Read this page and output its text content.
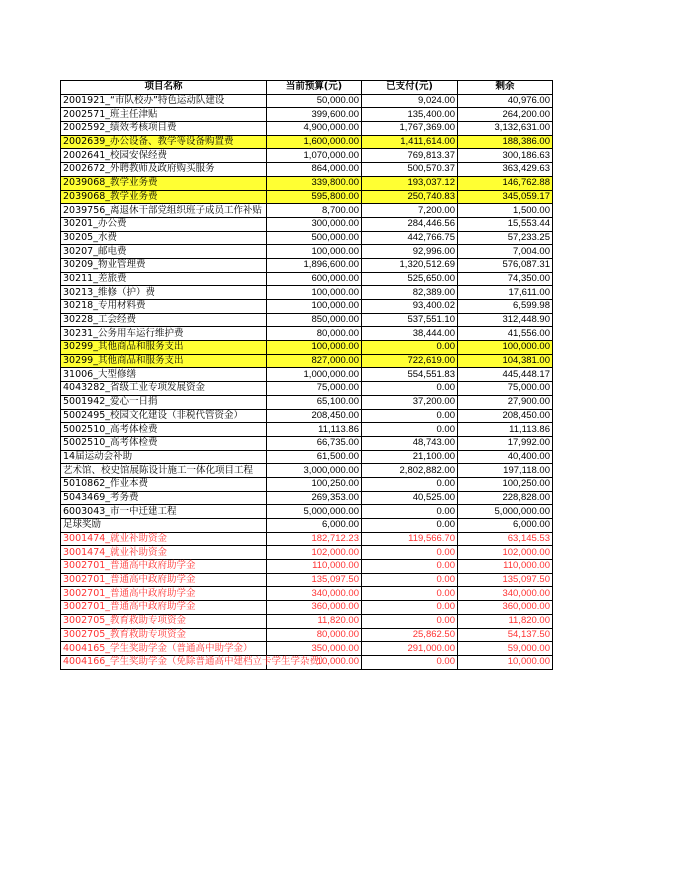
项目名称	当前预算(元)	已支付(元)	剩余
2001921_“市队校办”特色运动队建设	50,000.00	9,024.00	40,976.00
2002571_班主任津贴	399,600.00	135,400.00	264,200.00
2002592_绩效考核项目费	4,900,000.00	1,767,369.00	3,132,631.00
2002639_办公设备、教学等设备购置费	1,600,000.00	1,411,614.00	188,386.00
2002641_校园安保经费	1,070,000.00	769,813.37	300,186.63
2002672_外聘教师及政府购买服务	864,000.00	500,570.37	363,429.63
2039068_教学业务费	339,800.00	193,037.12	146,762.88
2039068_教学业务费	595,800.00	250,740.83	345,059.17
2039756_离退休干部党组织班子成员工作补贴	8,700.00	7,200.00	1,500.00
30201_办公费	300,000.00	284,446.56	15,553.44
30205_水费	500,000.00	442,766.75	57,233.25
30207_邮电费	100,000.00	92,996.00	7,004.00
30209_物业管理费	1,896,600.00	1,320,512.69	576,087.31
30211_差旅费	600,000.00	525,650.00	74,350.00
30213_维修（护）费	100,000.00	82,389.00	17,611.00
30218_专用材料费	100,000.00	93,400.02	6,599.98
30228_工会经费	850,000.00	537,551.10	312,448.90
30231_公务用车运行维护费	80,000.00	38,444.00	41,556.00
30299_其他商品和服务支出	100,000.00	0.00	100,000.00
30299_其他商品和服务支出	827,000.00	722,619.00	104,381.00
31006_大型修缮	1,000,000.00	554,551.83	445,448.17
4043282_省级工业专项发展资金	75,000.00	0.00	75,000.00
5001942_爱心一日捐	65,100.00	37,200.00	27,900.00
5002495_校园文化建设（非税代管资金）	208,450.00	0.00	208,450.00
5002510_高考体检费	11,113.86	0.00	11,113.86
5002510_高考体检费	66,735.00	48,743.00	17,992.00
14届运动会补助	61,500.00	21,100.00	40,400.00
艺术馆、校史馆展陈设计施工一体化项目工程	3,000,000.00	2,802,882.00	197,118.00
5010862_作业本费	100,250.00	0.00	100,250.00
5043469_考务费	269,353.00	40,525.00	228,828.00
6003043_市一中迁建工程	5,000,000.00	0.00	5,000,000.00
足球奖励	6,000.00	0.00	6,000.00
3001474_就业补助资金	182,712.23	119,566.70	63,145.53
3001474_就业补助资金	102,000.00	0.00	102,000.00
3002701_普通高中政府助学金	110,000.00	0.00	110,000.00
3002701_普通高中政府助学金	135,097.50	0.00	135,097.50
3002701_普通高中政府助学金	340,000.00	0.00	340,000.00
3002701_普通高中政府助学金	360,000.00	0.00	360,000.00
3002705_教育救助专项资金	11,820.00	0.00	11,820.00
3002705_教育救助专项资金	80,000.00	25,862.50	54,137.50
4004165_学生奖助学金（普通高中助学金）	350,000.00	291,000.00	59,000.00
4004166_学生奖助学金（免除普通高中建档立卡学生学杂费）	10,000.00	0.00	10,000.00
